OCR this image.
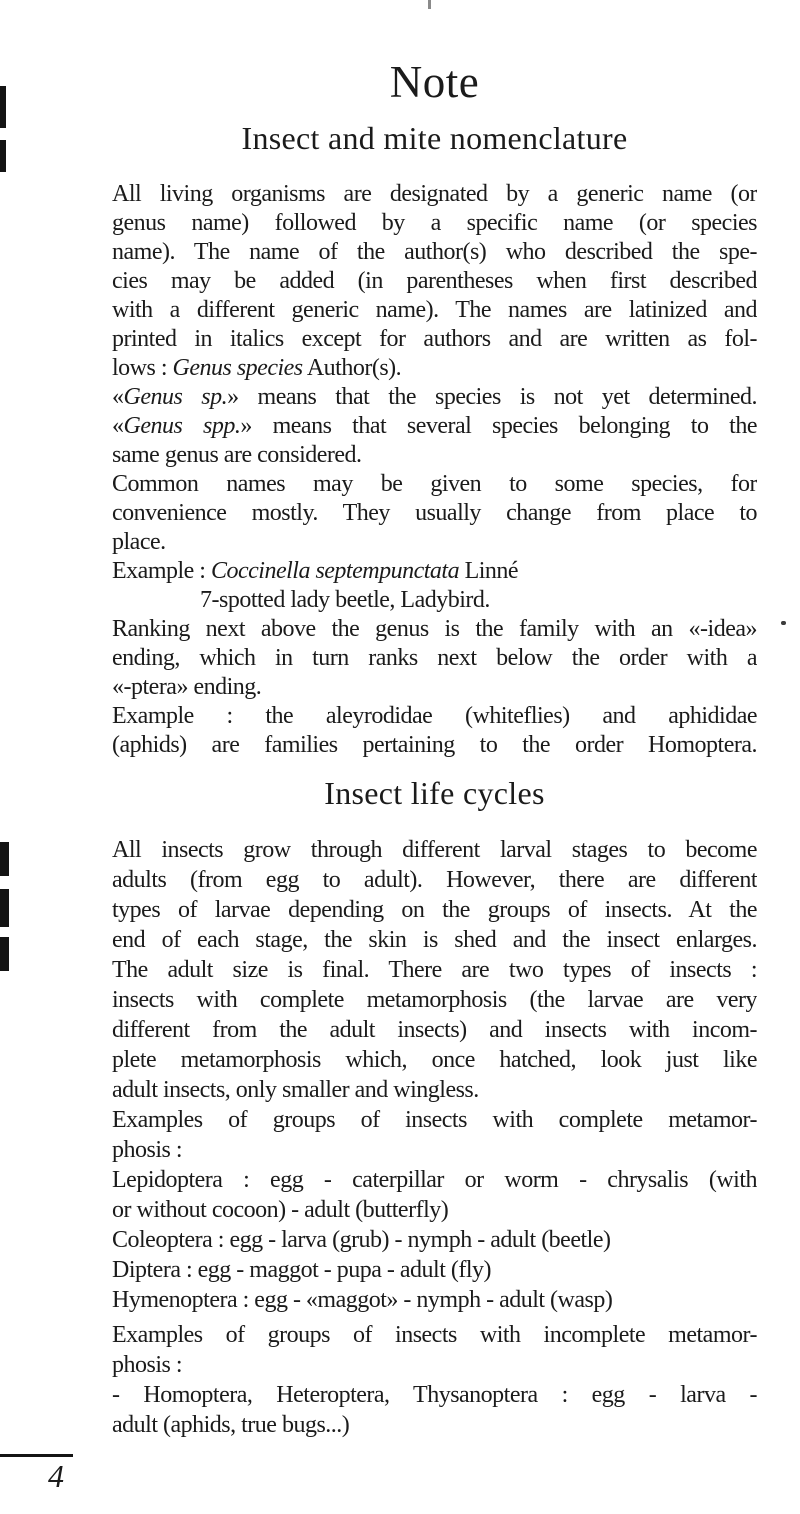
Note
Insect and mite nomenclature
All living organisms are designated by a generic name (or
genus name) followed by a specific name (or species
name). The name of the author(s) who described the spe-
cies may be added (in parentheses when first described
with a different generic name). The names are latinized and
printed in italics except for authors and are written as fol-
lows : Genus species Author(s).
«Genus sp.» means that the species is not yet determined.
«Genus spp.» means that several species belonging to the
same genus are considered.
Common names may be given to some species, for
convenience mostly. They usually change from place to
place.
Example : Coccinella septempunctata Linné
7-spotted lady beetle, Ladybird.
Ranking next above the genus is the family with an «-idea»
ending, which in turn ranks next below the order with a
«-ptera» ending.
Example : the aleyrodidae (whiteflies) and aphididae
(aphids) are families pertaining to the order Homoptera.
Insect life cycles
All insects grow through different larval stages to become
adults (from egg to adult). However, there are different
types of larvae depending on the groups of insects. At the
end of each stage, the skin is shed and the insect enlarges.
The adult size is final. There are two types of insects :
insects with complete metamorphosis (the larvae are very
different from the adult insects) and insects with incom-
plete metamorphosis which, once hatched, look just like
adult insects, only smaller and wingless.
Examples of groups of insects with complete metamor-
phosis :
Lepidoptera : egg - caterpillar or worm - chrysalis (with
or without cocoon) - adult (butterfly)
Coleoptera : egg - larva (grub) - nymph - adult (beetle)
Diptera : egg - maggot - pupa - adult (fly)
Hymenoptera : egg - «maggot» - nymph - adult (wasp)
Examples of groups of insects with incomplete metamor-
phosis :
- Homoptera, Heteroptera, Thysanoptera : egg - larva -
adult (aphids, true bugs...)
4
